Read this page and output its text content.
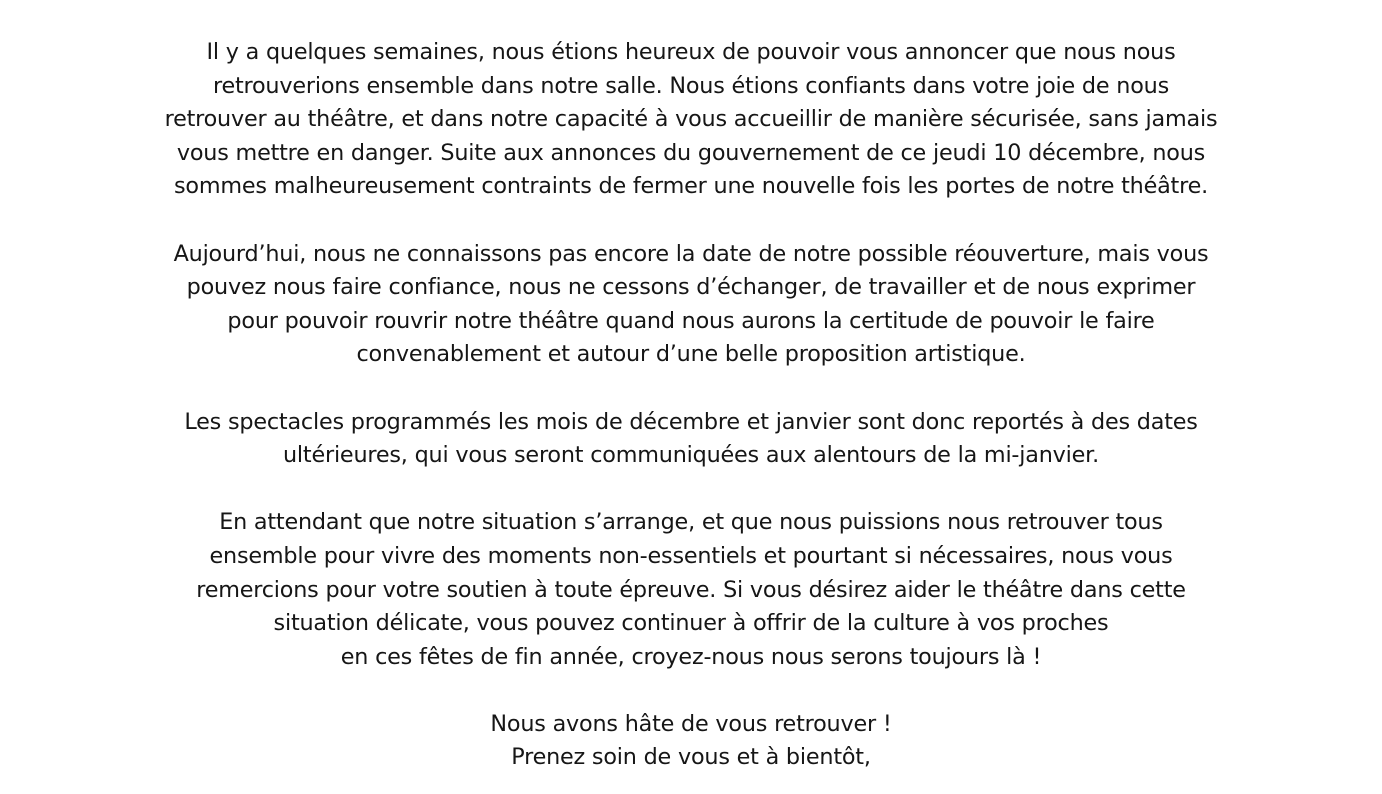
Il y a quelques semaines, nous étions heureux de pouvoir vous annoncer que nous nous
retrouverions ensemble dans notre salle. Nous étions confiants dans votre joie de nous
retrouver au théâtre, et dans notre capacité à vous accueillir de manière sécurisée, sans jamais
vous mettre en danger. Suite aux annonces du gouvernement de ce jeudi 10 décembre, nous
sommes malheureusement contraints de fermer une nouvelle fois les portes de notre théâtre.

Aujourd’hui, nous ne connaissons pas encore la date de notre possible réouverture, mais vous
pouvez nous faire confiance, nous ne cessons d’échanger, de travailler et de nous exprimer
pour pouvoir rouvrir notre théâtre quand nous aurons la certitude de pouvoir le faire
convenablement et autour d’une belle proposition artistique.

Les spectacles programmés les mois de décembre et janvier sont donc reportés à des dates
ultérieures, qui vous seront communiquées aux alentours de la mi-janvier.

En attendant que notre situation s’arrange, et que nous puissions nous retrouver tous
ensemble pour vivre des moments non-essentiels et pourtant si nécessaires, nous vous
remercions pour votre soutien à toute épreuve. Si vous désirez aider le théâtre dans cette
situation délicate, vous pouvez continuer à offrir de la culture à vos proches
en ces fêtes de fin année, croyez-nous nous serons toujours là !

Nous avons hâte de vous retrouver !
Prenez soin de vous et à bientôt,
